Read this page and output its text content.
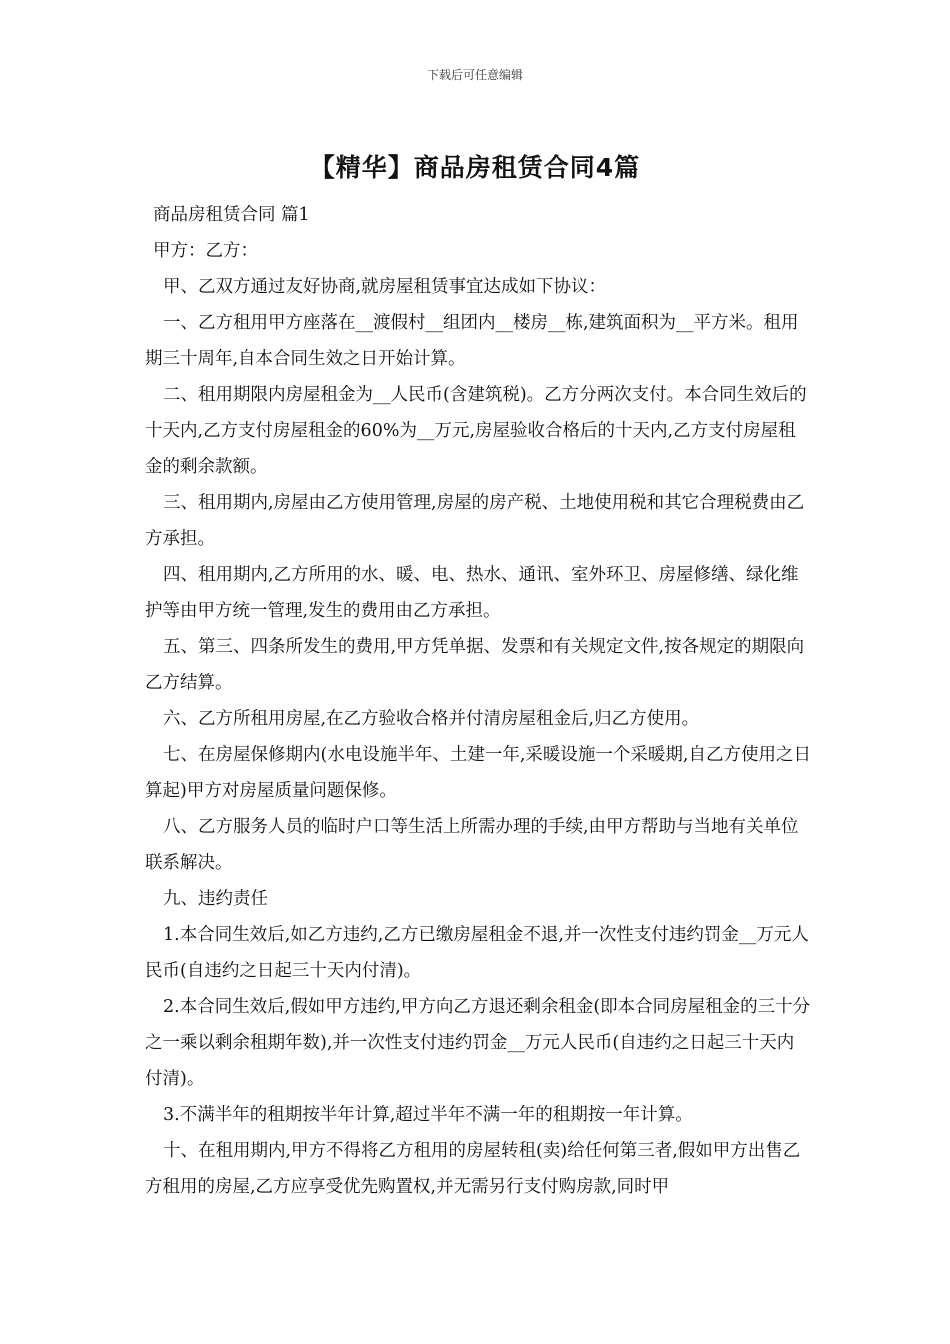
下载后可任意编辑
【精华】商品房租赁合同4篇

商品房租赁合同 篇1

甲方：乙方：

甲、乙双方通过友好协商,就房屋租赁事宜达成如下协议：

一、乙方租用甲方座落在__渡假村__组团内__楼房__栋,建筑面积为__平方米。租用期三十周年,自本合同生效之日开始计算。

二、租用期限内房屋租金为__人民币(含建筑税)。乙方分两次支付。本合同生效后的十天内,乙方支付房屋租金的60%为__万元,房屋验收合格后的十天内,乙方支付房屋租金的剩余款额。

三、租用期内,房屋由乙方使用管理,房屋的房产税、土地使用税和其它合理税费由乙方承担。

四、租用期内,乙方所用的水、暖、电、热水、通讯、室外环卫、房屋修缮、绿化维护等由甲方统一管理,发生的费用由乙方承担。

五、第三、四条所发生的费用,甲方凭单据、发票和有关规定文件,按各规定的期限向乙方结算。

六、乙方所租用房屋,在乙方验收合格并付清房屋租金后,归乙方使用。

七、在房屋保修期内(水电设施半年、土建一年,采暖设施一个采暖期,自乙方使用之日算起)甲方对房屋质量问题保修。

八、乙方服务人员的临时户口等生活上所需办理的手续,由甲方帮助与当地有关单位联系解决。

九、违约责任

1.本合同生效后,如乙方违约,乙方已缴房屋租金不退,并一次性支付违约罚金__万元人民币(自违约之日起三十天内付清)。

2.本合同生效后,假如甲方违约,甲方向乙方退还剩余租金(即本合同房屋租金的三十分之一乘以剩余租期年数),并一次性支付违约罚金__万元人民币(自违约之日起三十天内付清)。

3.不满半年的租期按半年计算,超过半年不满一年的租期按一年计算。

十、在租用期内,甲方不得将乙方租用的房屋转租(卖)给任何第三者,假如甲方出售乙方租用的房屋,乙方应享受优先购置权,并无需另行支付购房款,同时甲
